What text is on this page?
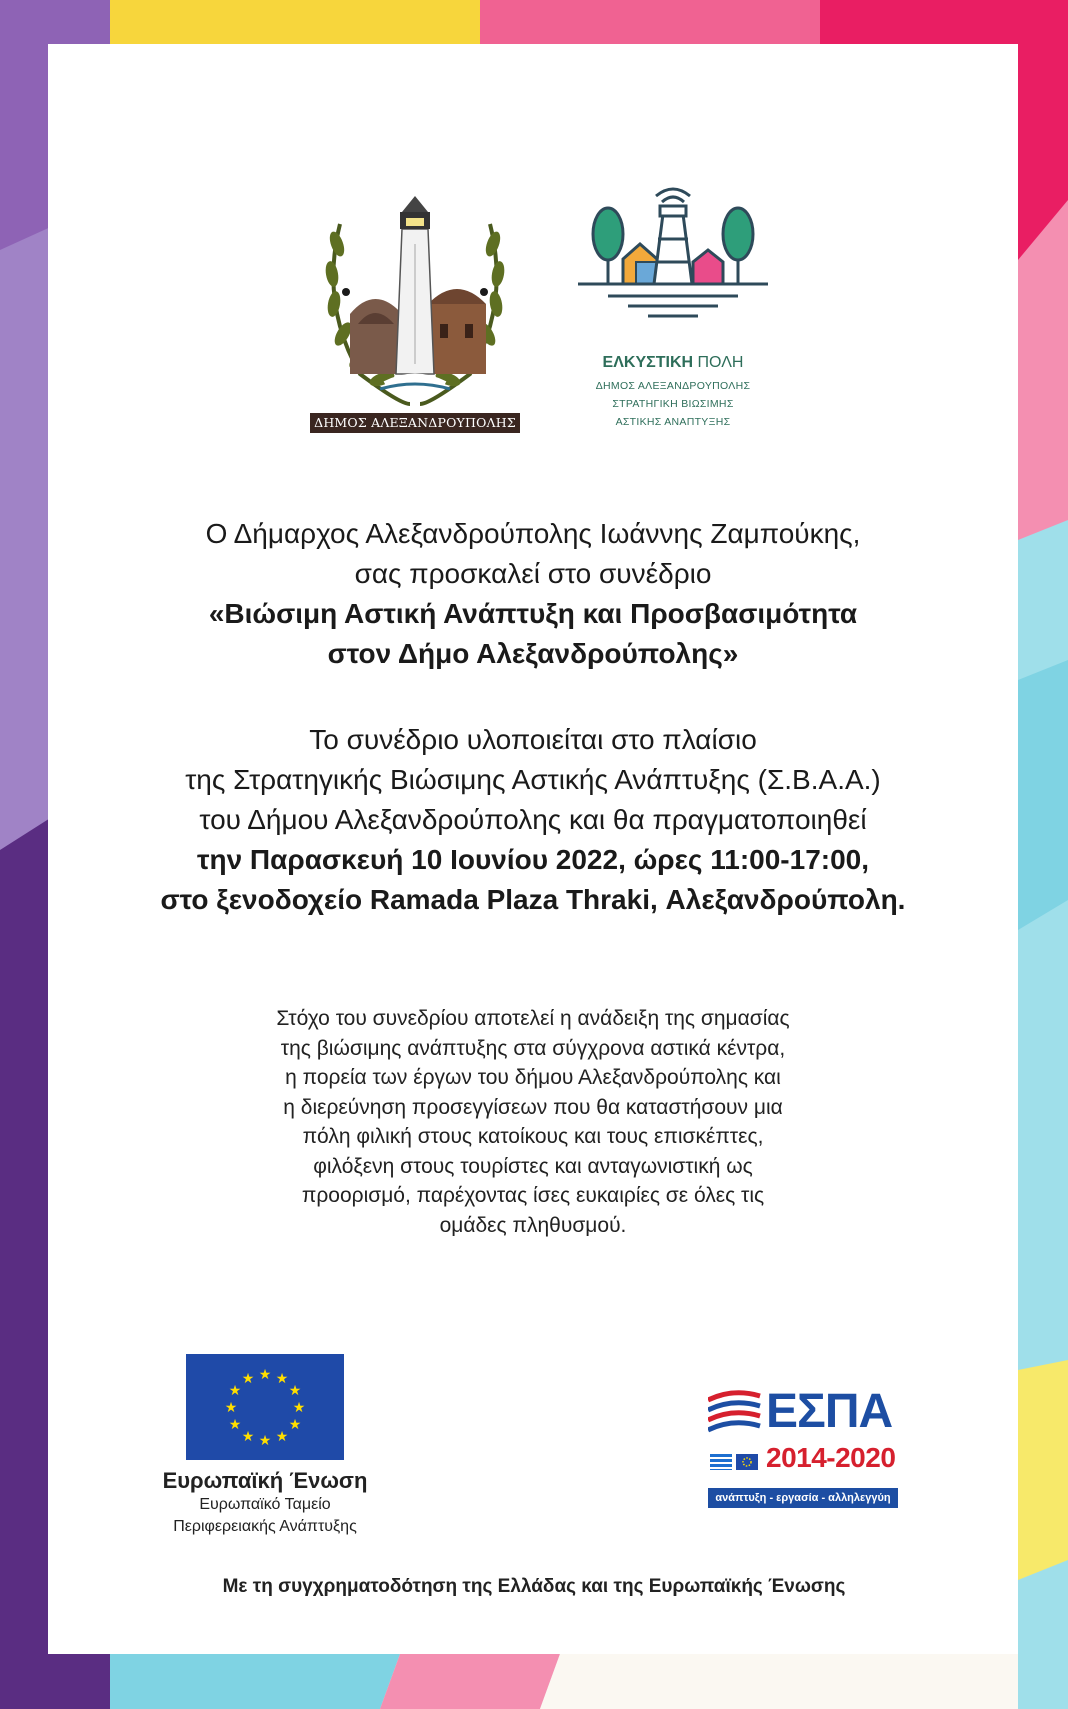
ΔΗΜΟΣ ΑΛΕΞΑΝΔΡΟΥΠΟΛΗΣ
ΕΛΚΥΣΤΙΚΗ ΠΟΛΗ
ΔΗΜΟΣ ΑΛΕΞΑΝΔΡΟΥΠΟΛΗΣ
ΣΤΡΑΤΗΓΙΚΗ ΒΙΩΣΙΜΗΣ
ΑΣΤΙΚΗΣ ΑΝΑΠΤΥΞΗΣ
Ο Δήμαρχος Αλεξανδρούπολης Ιωάννης Ζαμπούκης,
σας προσκαλεί στο συνέδριο
«Βιώσιμη Αστική Ανάπτυξη και Προσβασιμότητα
στον Δήμο Αλεξανδρούπολης»
Το συνέδριο υλοποιείται στο πλαίσιο
της Στρατηγικής Βιώσιμης Αστικής Ανάπτυξης (Σ.Β.Α.Α.)
του Δήμου Αλεξανδρούπολης και θα πραγματοποιηθεί
την Παρασκευή 10 Ιουνίου 2022, ώρες 11:00-17:00,
στο ξενοδοχείο Ramada Plaza Thraki, Αλεξανδρούπολη.
Στόχο του συνεδρίου αποτελεί η ανάδειξη της σημασίας
της βιώσιμης ανάπτυξης στα σύγχρονα αστικά κέντρα,
η πορεία των έργων του δήμου Αλεξανδρούπολης και
η διερεύνηση προσεγγίσεων που θα καταστήσουν μια
πόλη φιλική στους κατοίκους και τους επισκέπτες,
φιλόξενη στους τουρίστες και ανταγωνιστική ως
προορισμό, παρέχοντας ίσες ευκαιρίες σε όλες τις
ομάδες πληθυσμού.
★ ★
★
★
★
★
★
★
★
★
★
★
Ευρωπαϊκή Ένωση
Ευρωπαϊκό Ταμείο
Περιφερειακής Ανάπτυξης
ΕΣΠΑ
2014-2020
ανάπτυξη - εργασία - αλληλεγγύη
Με τη συγχρηματοδότηση της Ελλάδας και της Ευρωπαϊκής Ένωσης
